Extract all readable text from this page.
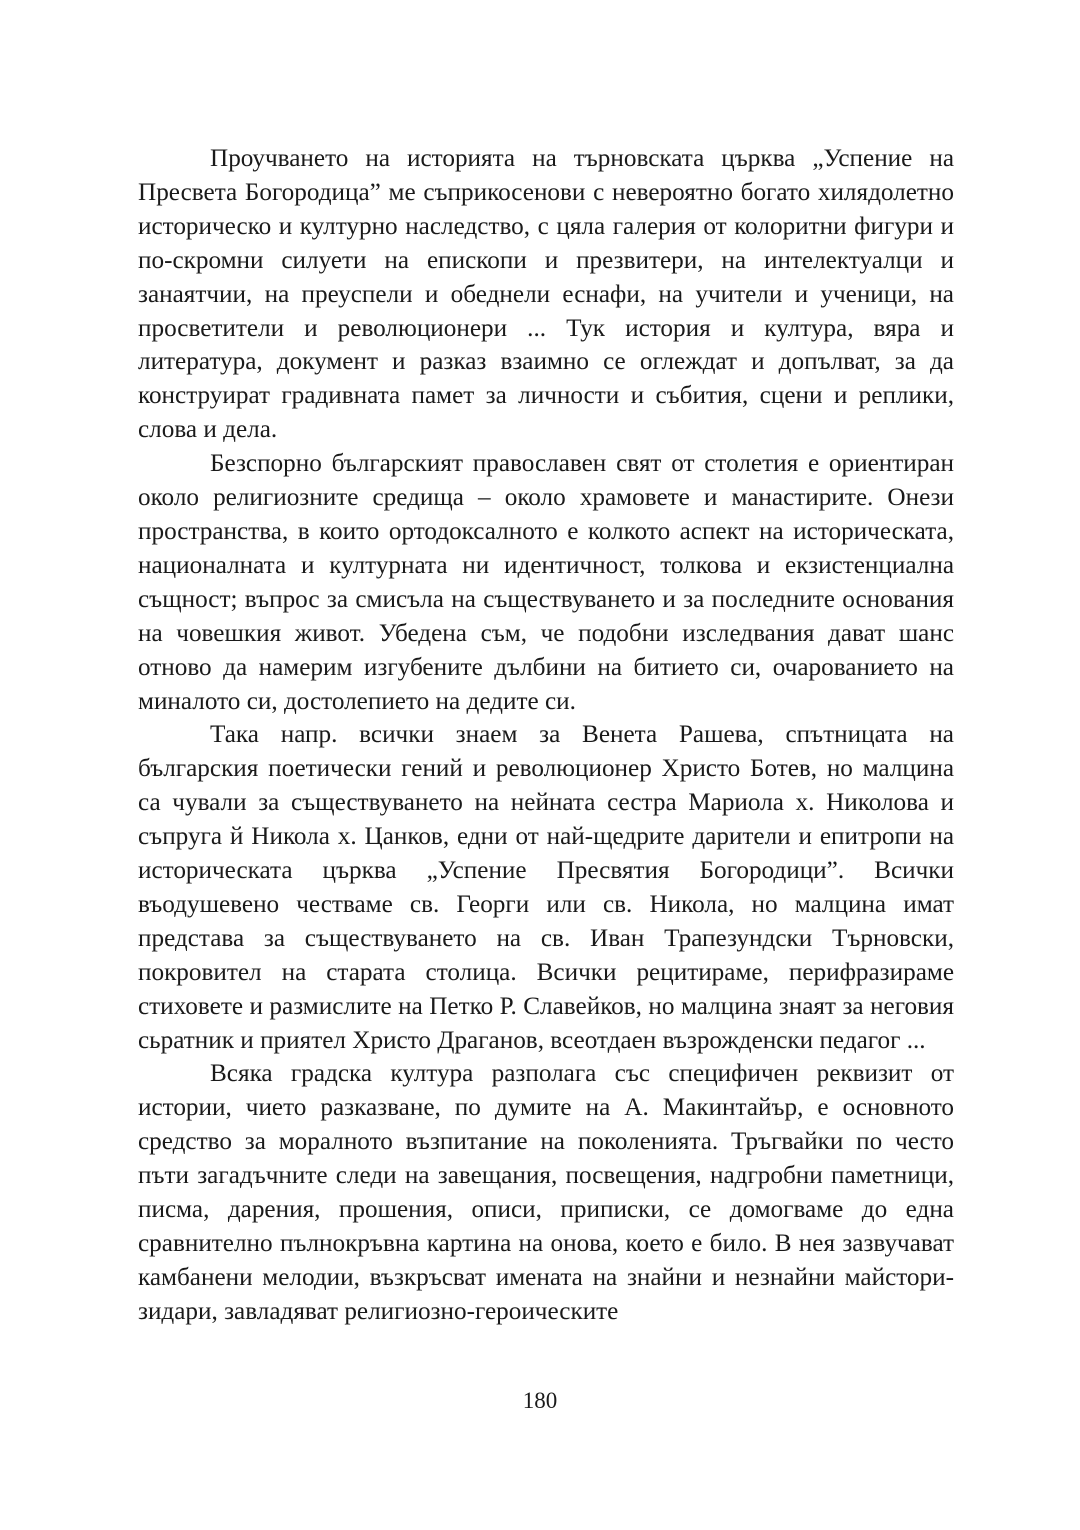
Проучването на историята на търновската църква „Успение на Пресвета Богородица” ме съприкосенови с невероятно богато хилядолетно историческо и културно наследство, с цяла галерия от колоритни фигури и по-скромни силуети на епископи и презвитери, на интелектуалци и занаятчии, на преуспели и обеднели еснафи, на учители и ученици, на просветители и революционери ... Тук история и култура, вяра и литература, документ и разказ взаимно се оглеждат и допълват, за да конструират градивната памет за личности и събития, сцени и реплики, слова и дела.

Безспорно българският православен свят от столетия е ориентиран около религиозните средища – около храмовете и манастирите. Онези пространства, в които ортодоксалното е колкото аспект на историческата, националната и културната ни идентичност, толкова и екзистенциална същност; въпрос за смисъла на съществуването и за последните основания на човешкия живот. Убедена съм, че подобни изследвания дават шанс отново да намерим изгубените дълбини на битието си, очарованието на миналото си, достолепието на дедите си.

Така напр. всички знаем за Венета Рашева, спътницата на българския поетически гений и революционер Христо Ботев, но малцина са чували за съществуването на нейната сестра Мариола х. Николова и съпруга й Никола х. Цанков, едни от най-щедрите дарители и епитропи на историческата църква „Успение Пресвятия Богородици”. Всички въодушевено честваме св. Георги или св. Никола, но малцина имат представа за съществуването на св. Иван Трапезундски Търновски, покровител на старата столица. Всички рецитираме, перифразираме стиховете и размислите на Петко Р. Славейков, но малцина знаят за неговия сьратник и приятел Христо Драганов, всеотдаен възрожденски педагог ...

Всяка градска култура разполага със специфичен реквизит от истории, чието разказване, по думите на А. Макинтайър, е основното средство за моралното възпитание на поколенията. Тръгвайки по често пъти загадъчните следи на завещания, посвещения, надгробни паметници, писма, дарения, прошения, описи, приписки, се домогваме до една сравнително пълнокръвна картина на онова, което е било. В нея зазвучават камбанени мелодии, възкръсват имената на знайни и незнайни майстори-зидари, завладяват религиозно-героическите

180
